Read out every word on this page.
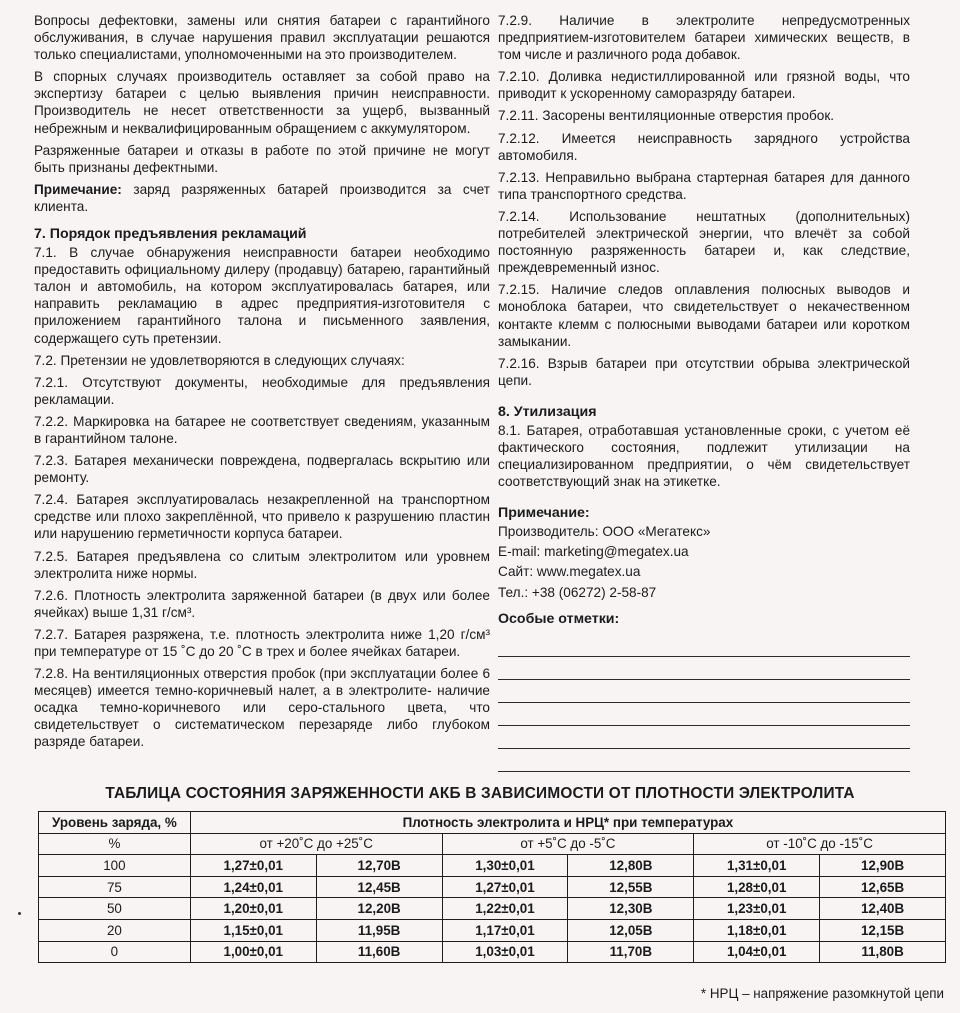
Вопросы дефектовки, замены или снятия батареи с гарантийного обслуживания, в случае нарушения правил эксплуатации решаются только специалистами, уполномоченными на это производителем.

В спорных случаях производитель оставляет за собой право на экспертизу батареи с целью выявления причин неисправности. Производитель не несет ответственности за ущерб, вызванный небрежным и неквалифицированным обращением с аккумулятором.

Разряженные батареи и отказы в работе по этой причине не могут быть признаны дефектными.

Примечание: заряд разряженных батарей производится за счет клиента.

7. Порядок предъявления рекламаций

7.1. В случае обнаружения неисправности батареи необходимо предоставить официальному дилеру (продавцу) батарею, гарантийный талон и автомобиль, на котором эксплуатировалась батарея, или направить рекламацию в адрес предприятия-изготовителя с приложением гарантийного талона и письменного заявления, содержащего суть претензии.

7.2. Претензии не удовлетворяются в следующих случаях:

7.2.1. Отсутствуют документы, необходимые для предъявления рекламации.

7.2.2. Маркировка на батарее не соответствует сведениям, указанным в гарантийном талоне.

7.2.3. Батарея механически повреждена, подвергалась вскрытию или ремонту.

7.2.4. Батарея эксплуатировалась незакрепленной на транспортном средстве или плохо закреплённой, что привело к разрушению пластин или нарушению герметичности корпуса батареи.

7.2.5. Батарея предъявлена со слитым электролитом или уровнем электролита ниже нормы.

7.2.6. Плотность электролита заряженной батареи (в двух или более ячейках) выше 1,31 г/см³.

7.2.7. Батарея разряжена, т.е. плотность электролита ниже 1,20 г/см³ при температуре от 15 ˚С до 20 ˚С в трех и более ячейках батареи.

7.2.8. На вентиляционных отверстия пробок (при эксплуатации более 6 месяцев) имеется темно-коричневый налет, а в электролите- наличие осадка темно-коричневого или серо-стального цвета, что свидетельствует о систематическом перезаряде либо глубоком разряде батареи.

7.2.9. Наличие в электролите непредусмотренных предприятием-изготовителем батареи химических веществ, в том числе и различного рода добавок.

7.2.10. Доливка недистиллированной или грязной воды, что приводит к ускоренному саморазряду батареи.

7.2.11. Засорены вентиляционные отверстия пробок.

7.2.12. Имеется неисправность зарядного устройства автомобиля.

7.2.13. Неправильно выбрана стартерная батарея для данного типа транспортного средства.

7.2.14. Использование нештатных (дополнительных) потребителей электрической энергии, что влечёт за собой постоянную разряженность батареи и, как следствие, преждевременный износ.

7.2.15. Наличие следов оплавления полюсных выводов и моноблока батареи, что свидетельствует о некачественном контакте клемм с полюсными выводами батареи или коротком замыкании.

7.2.16. Взрыв батареи при отсутствии обрыва электрической цепи.

8. Утилизация

8.1. Батарея, отработавшая установленные сроки, с учетом её фактического состояния, подлежит утилизации на специализированном предприятии, о чём свидетельствует соответствующий знак на этикетке.

Примечание:

Производитель: ООО «Мегатекс»

E-mail: marketing@megatex.ua

Сайт: www.megatex.ua

Тел.: +38 (06272) 2-58-87

Особые отметки:
ТАБЛИЦА СОСТОЯНИЯ ЗАРЯЖЕННОСТИ АКБ В ЗАВИСИМОСТИ ОТ ПЛОТНОСТИ ЭЛЕКТРОЛИТА
Уровень заряда, %	Плотность электролита и НРЦ* при температурах					
%	от +20˚С до +25˚С		от +5˚С до -5˚С		от -10˚С до -15˚С	
100	1,27±0,01	12,70В	1,30±0,01	12,80В	1,31±0,01	12,90В
75	1,24±0,01	12,45В	1,27±0,01	12,55В	1,28±0,01	12,65В
50	1,20±0,01	12,20В	1,22±0,01	12,30В	1,23±0,01	12,40В
20	1,15±0,01	11,95В	1,17±0,01	12,05В	1,18±0,01	12,15В
0	1,00±0,01	11,60В	1,03±0,01	11,70В	1,04±0,01	11,80В
* НРЦ – напряжение разомкнутой цепи
